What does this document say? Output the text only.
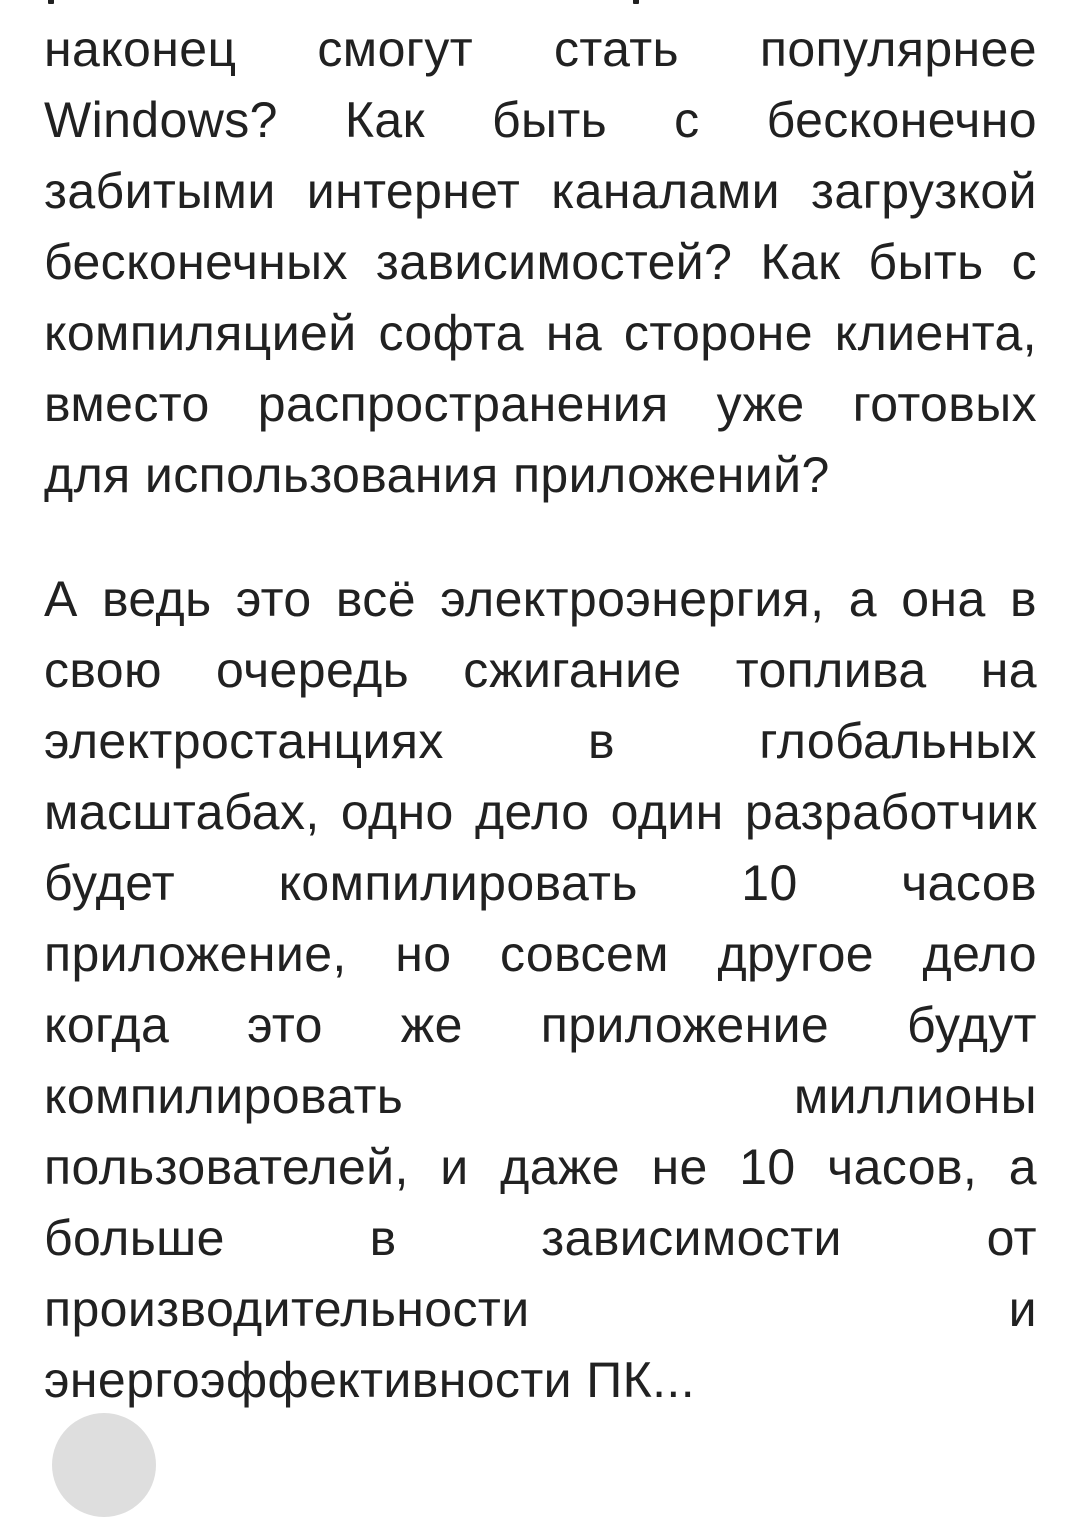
наконец смогут стать популярнее
Windows? Как быть с бесконечно
забитыми интернет каналами загрузкой
бесконечных зависимостей? Как быть с
компиляцией софта на стороне клиента,
вместо распространения уже готовых
для использования приложений?

А ведь это всё электроэнергия, а она в
свою очередь сжигание топлива на
электростанциях	в	глобальных
масштабах, одно дело один разработчик
будет компилировать 10 часов
приложение, но совсем другое дело
когда это же приложение будут
компилировать	миллионы
пользователей, и даже не 10 часов, а
больше	в	зависимости	от
производительности	и
энергоэффективности ПК...
